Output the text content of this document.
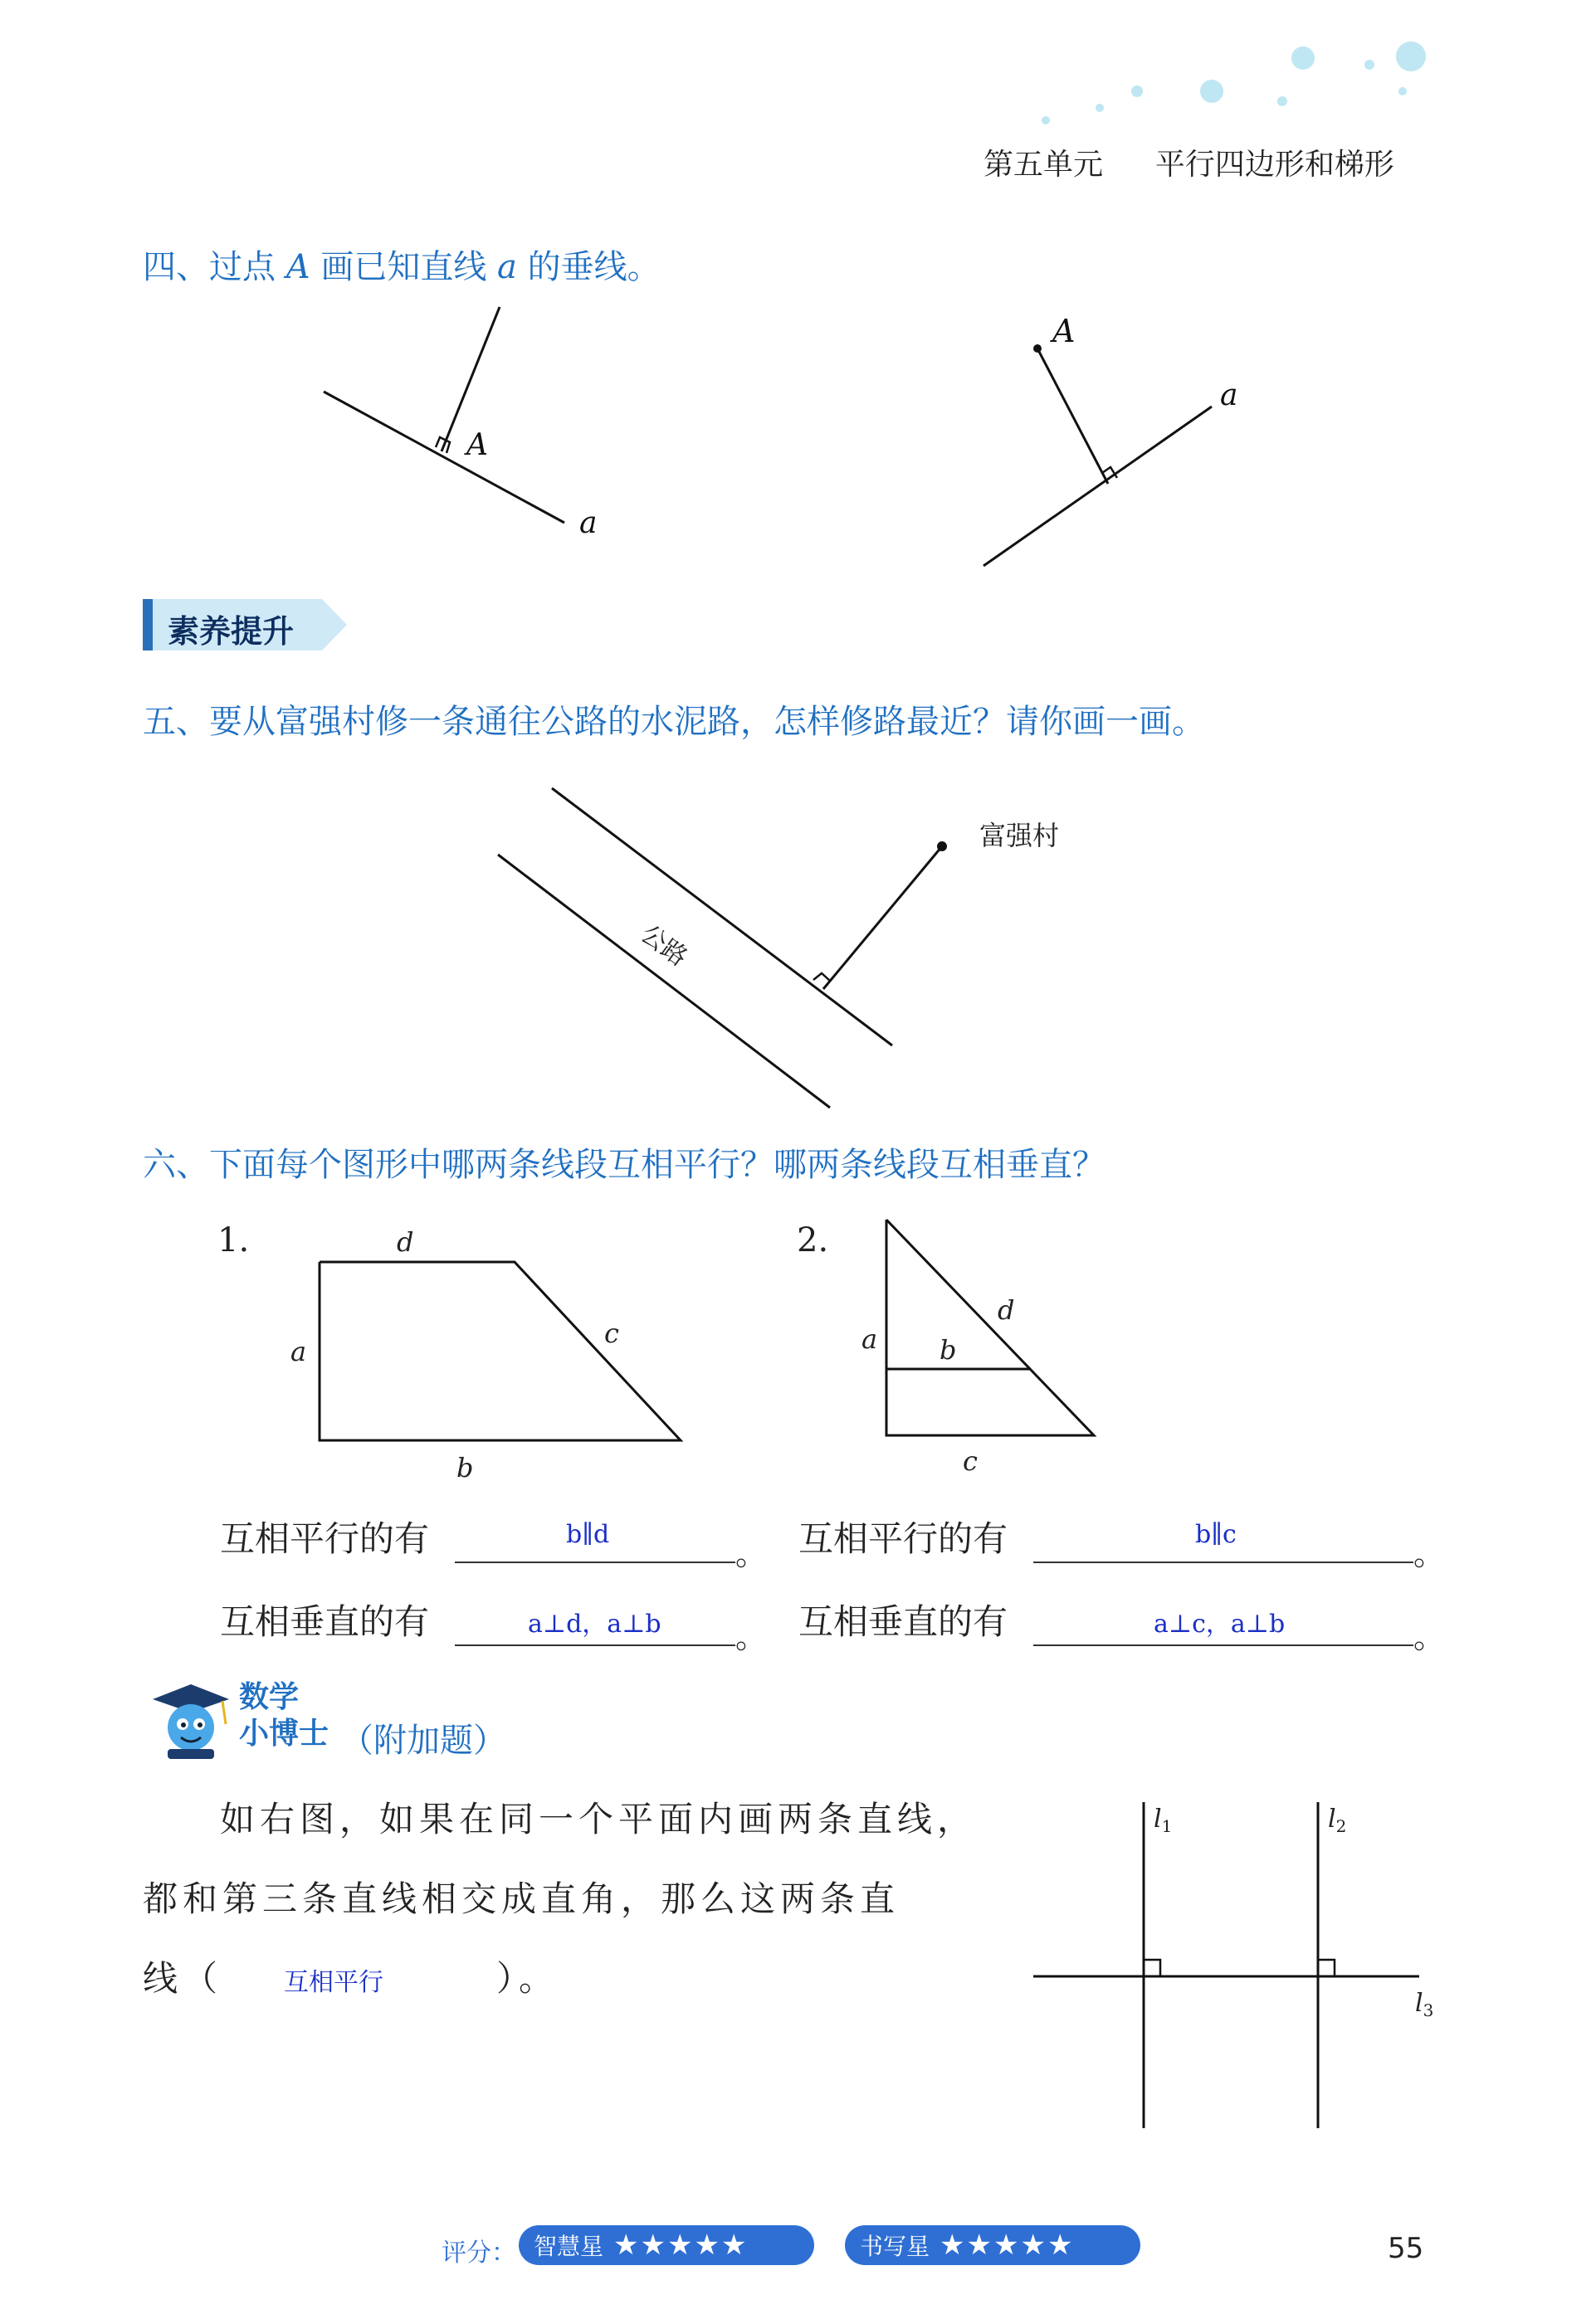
第五单元 平行四边形和梯形
四、过点 A 画已知直线 a 的垂线。
A
a
A
a
素养提升
五、要从富强村修一条通往公路的水泥路，怎样修路最近？请你画一画。
公路
富强村
六、下面每个图形中哪两条线段互相平行？哪两条线段互相垂直？
1.	d
a
c
b
2.
a b
d
c
互相平行的有	b∥d
。
互相垂直的有	a⊥d，a⊥b 。
互相平行的有	b∥c
。
互相垂直的有	a⊥c，a⊥b	。
数学
小博士 （附加题）
如右图，如果在同一个平面内画两条直线，
都和第三条直线相交成直角，那么这两条直
线（	）。
互相平行
$l_1$	$l_2$
$l_3$
评分： 智慧星 ★★★★★	书写星 ★★★★★	55
